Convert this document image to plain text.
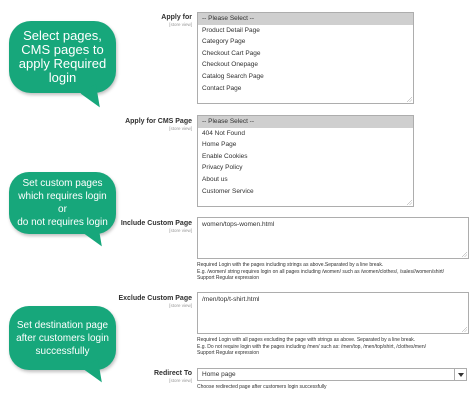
Select pages,
CMS pages to
apply Required
login
Set custom pages
which requires login or
do not requires login
Set destination page
after customers login
successfully
Apply for
[store view]
-- Please Select --
Product Detail Page
Category Page
Checkout Cart Page
Checkout Onepage
Catalog Search Page
Contact Page
Apply for CMS Page
[store view]
-- Please Select --
404 Not Found
Home Page
Enable Cookies
Privacy Policy
About us
Customer Service
Include Custom Page
[store view]
women/tops-women.html
Required Login with the pages including strings as above.Separated by a line break.
E.g. /women/ string requires login on all pages including /women/ such as /women/clothes/, /sales//women/shirt/
Support Regular expression
Exclude Custom Page
[store view]
/men/top/t-shirt.html
Required Login with all pages excluding the page with strings as above. Separated by a line break.
E.g. Do not require login with the pages including /men/ such as: /men/top, /men/top/shirt, /clothes/men/
Support Regular expression
Redirect To
[store view]
Home page
Choose redirected page after customers login successfully
